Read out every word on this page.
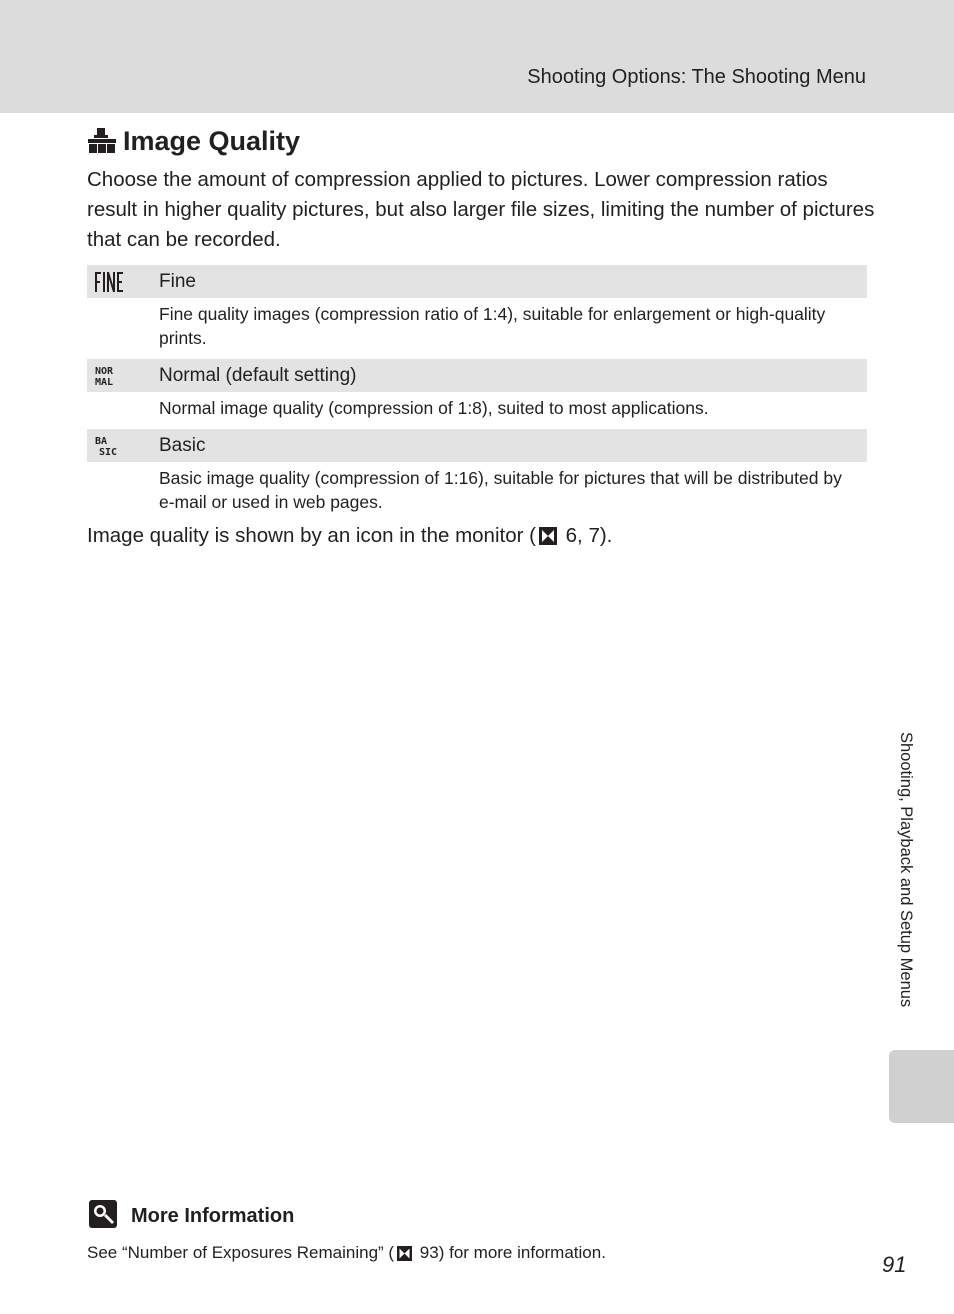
Shooting Options: The Shooting Menu
Image Quality

Choose the amount of compression applied to pictures. Lower compression ratios result in higher quality pictures, but also larger file sizes, limiting the number of pictures that can be recorded.

Fine
Fine quality images (compression ratio of 1:4), suitable for enlargement or high-quality prints.
NOR
MAL Normal (default setting)
Normal image quality (compression of 1:8), suited to most applications.
BA
SIC Basic
Basic image quality (compression of 1:16), suitable for pictures that will be distributed by e-mail or used in web pages.
Image quality is shown by an icon in the monitor ( 6, 7).
Shooting, Playback and Setup Menus
More Information
See “Number of Exposures Remaining” ( 93) for more information.	91
